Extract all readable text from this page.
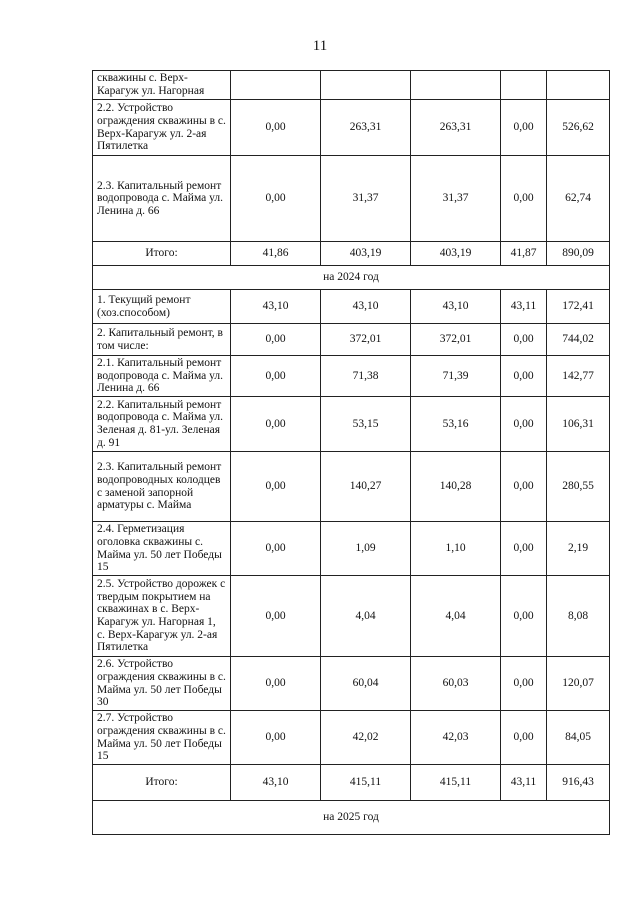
11
скважины с. Верх-Карагуж ул. Нагорная					
2.2. Устройство ограждения скважины в с. Верх-Карагуж ул. 2-ая Пятилетка	0,00	263,31	263,31	0,00	526,62
2.3. Капитальный ремонт водопровода с. Майма ул. Ленина д. 66	0,00	31,37	31,37	0,00	62,74
Итого:	41,86	403,19	403,19	41,87	890,09
на 2024 год					
1. Текущий ремонт (хоз.способом)	43,10	43,10	43,10	43,11	172,41
2. Капитальный ремонт, в том числе:	0,00	372,01	372,01	0,00	744,02
2.1. Капитальный ремонт водопровода с. Майма ул. Ленина д. 66	0,00	71,38	71,39	0,00	142,77
2.2. Капитальный ремонт водопровода с. Майма ул. Зеленая д. 81-ул. Зеленая д. 91	0,00	53,15	53,16	0,00	106,31
2.3. Капитальный ремонт водопроводных колодцев с заменой запорной арматуры с. Майма	0,00	140,27	140,28	0,00	280,55
2.4. Герметизация оголовка скважины с. Майма ул. 50 лет Победы 15	0,00	1,09	1,10	0,00	2,19
2.5. Устройство дорожек с твердым покрытием на скважинах в с. Верх-Карагуж ул. Нагорная 1, с. Верх-Карагуж ул. 2-ая Пятилетка	0,00	4,04	4,04	0,00	8,08
2.6. Устройство ограждения скважины в с. Майма ул. 50 лет Победы 30	0,00	60,04	60,03	0,00	120,07
2.7. Устройство ограждения скважины в с. Майма ул. 50 лет Победы 15	0,00	42,02	42,03	0,00	84,05
Итого:	43,10	415,11	415,11	43,11	916,43
на 2025 год					
